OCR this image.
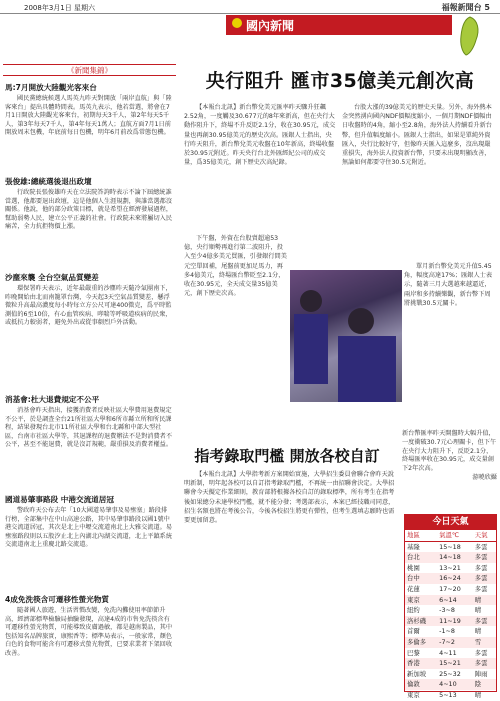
2008年3月1日 星期六	福報新聞台 5
國內新聞
《新聞集錦》
馬:7月開放大陸觀光客來台
國民黨總統候選人馬英九昨天對開放「兩岸直航」與「陸客來台」提出具體時間表。馬英九表示，他若當選，將會在7月1日開放大陸觀光客來台，初期每天3千人，第2年每天5千人，第3年每天7千人，第4年每天1萬人；直航方面7月1日前開放周末包機，年底前每日包機，明年6月前改爲常態包機。
張俊雄:總統選後退出政壇
行政院長張俊雄昨天在立法院答詢時表示不論下屆總統誰當選，他都要退出政壇，這是他個人生涯規劃，與誰當選都沒關係。他說，他的部分政策目標，就是希望在經濟發展過程，幫助弱勢人民，建立公平正義的社會。行政院未來將屬切入民痛苦，全力抗拒物價上漲。
沙塵來襲 全台空氣品質變差
環保署昨天表示，近年最嚴重的沙塵昨天隨冷氣團南下，昨晚開始由北而南籠罩台灣，今天起3天空氣品質變差，懸浮微粒升高最高濃度每小時每立方公尺可達400微克，爲平時監測值的6至10倍，有心血管疾病、哮喘等呼吸道疾病的民衆，或抵抗力較弱者，避免外出或從事劇烈戶外活動。
消基會:杜大退費規定不公平
消基會昨天指出，接獲消費者反映社區大學費用退費規定不公平，於是調查全台21所社區大學和6所市縣立所和所民課程，結果發現台北市11所社區大學和台北縣和中部大型社區，台南市社區大學等，其退課程的退費辦法不是對消費者不公平，甚至不能退費，就是沒訂規範，嚴重損及消費者權益。
國道易肇事路段 中港交流道居冠
警政昨天公布去年「10大國道易肇事及易壅塞」路段排行榜，全部集中在中山高速公路，其中易肇事路段以國1號中港交流道居冠，其次是北上中壢交流道南北上大雅交流道。易壅塞路段則以五股汐止北上內湖北內湖交流道，北上平鎮系統交流道南北上重慶北路交流道。
4成免洗筷含可遷移性螢光物質
隨著國人旅遊，生活習慣改變，免洗內攤使用率節節升高，經濟部標準檢驗局抽驗發現，高達4成的市售免洗筷含有可遷移性螢光物質，可能導致皮膚過敏，都是越南製品，其中包括知名品牌旅實，康熙香等；標準局表示，一般家常，顏色白色的食物可能含有可遷移式螢光物質，已要求業者下架回收改善。
央行阻升 匯市35億美元創次高
【本報台北訊】新台幣兌美元匯率昨天驟升狂飆2.52角，一度觸及30.677元的8年來新高，但在央行大動作阻升下，終場不升反貶2.1分，收在30.95元，成交量也再創30.95億美元的歷史次高。匯銀人士指出，央行昨天阻升，新台幣兌美元收盤在10年新高，終場收盤於30.95元附近。昨天央行台北外匯經紀公司的成交量，爲35億美元，創下歷史次高紀錄。
台股大漲的39億美元的歷史天量。另外，海外熱本金突然湧向國內NDF價幅度縮小，一個月期NDF價幅由日收盤時的4角，縮小至2.8角，海外法人持續看升新台幣，但升值幅度縮小。匯銀人士指出，如果是單純外資匯入，央行比較好守，但像昨天匯入這麼多，沒出現嚴重損失，海外法人投資新台幣，只要未出現明顯改善，無論如何都要守住30.5元附近。
下午盤，外資在台股賣超逾53億，央行順勢再進行第二波阻升，投入至少4億多美元買匯，引發銀行間美元空單回補，尾盤前更加足馬力，再多4億美元，終場匯台幣貶至2.1分，收在30.95元，全天成交量35億美元，創下歷史次高。
單月新台幣兌美元升值5.45角，幅度高達17%；匯銀人士表示，隨著三月大選越來越逼近，兩岸和多持續樂觀，新台幣下周將挑戰30.5元關卡。
新台幣匯率昨天開盤時大幅升值，一度衝破30.7元心理關卡，但下午在央行大力阻升下，反貶2.1分，終場匯率收在30.95元，成交量創下2年次高。
游曉欣攝
指考錄取門檻 開放各校自訂
【本報台北訊】大學指考新方案開始實施，大學招生委員會聯合會昨天說明新制，明年起各校可以自訂指考錄取門檻，不再統一由招聯會決定。大學招聯會今天擬定作業細則，教育部將根據各校自訂的錄取標準，所有考生在指考後如果總分未達學校門檻，就不能分發；考選部表示，本案已經技職司同意，招生名額也將在考後公告，今後各校招生將更有彈性，但考生選填志願時也需要更加留意。	今日天氣
地區	氣溫℃	天氣
基隆	15~18	多雲
台北	14~18	多雲
桃園	13~21	多雲
台中	16~24	多雲
花蓮	17~20	多雲
東京	6~14	晴
紐約	-3~8	晴
洛杉磯	11~19	多雲
首爾	-1~8	晴
多倫多	-7~2	雪
巴黎	4~11	多雲
香港	15~21	多雲
新加坡	25~32	陣雨
倫敦	4~10	陰
東京	5~13	晴
